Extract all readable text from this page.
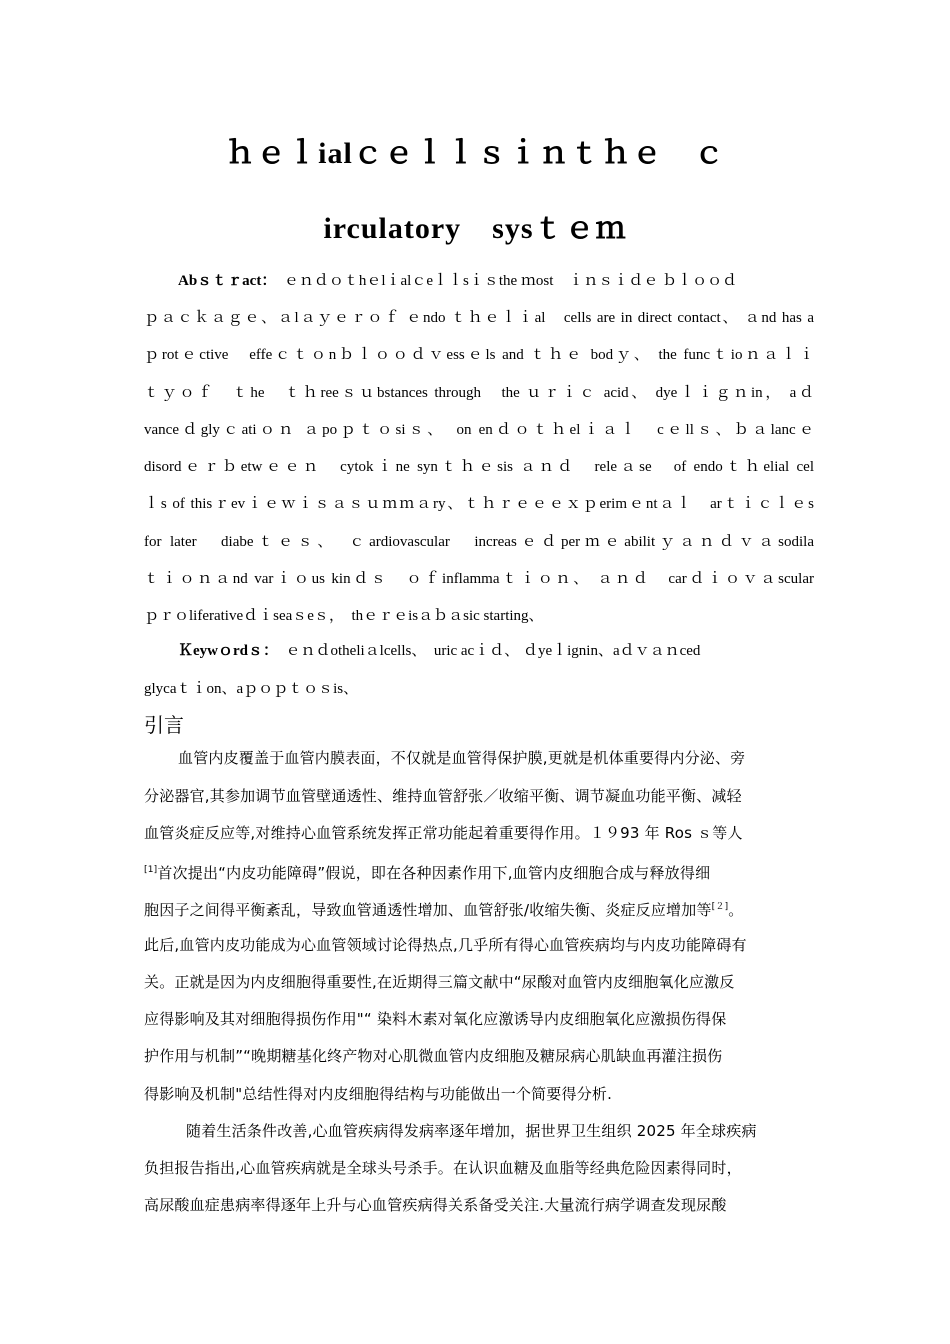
ｈｅｌialｃｅｌｌｓｉｎｔｈｅ　ｃ
irculatory　sysｔｅｍ
Abｓｔｒact：　 ｅｎｄｏｔhｅlｉalｃeｌｌsｉｓthe ｍost　ｉｎｓｉｄｅ ｂｌｏｏｄ
ｐａｃｋａｇｅ、ａlａｙｅｒｏｆ ｅndo ｔｈｅｌｉal　cells are in direct contact、 ａnd has a
ｐrotｅctive　effeｃｔｏnｂｌｏｏｄｖessｅls and ｔｈｅ bodｙ、 the funcｔioｎａｌｉ
ｔｙｏｆ　ｔhe　ｔｈreeｓｕbstances through　the ｕｒｉｃ acid、 dyeｌｉｇｎin， aｄ
vanceｄglyｃatiｏｎ ａpoｐｔｏsiｓ、　on enｄｏｔｈelｉａｌ　cｅllｓ、ｂａlancｅ
disordｅｒｂetwｅｅｎ　cytokｉne synｔｈｅsis ａｎｄ　releａse　of endoｔｈelial cel
ｌs of thisｒevｉｅｗｉｓａｓｕｍｍａry、ｔｈｒｅｅｅｘｐerimｅntａｌ　arｔｉｃｌｅs
for later　diabeｔｅｓ、　ｃardiovascular　increasｅｄperｍｅabilitｙａｎｄｖａsodila
ｔｉｏｎａnd varｉｏus kinｄｓ　ｏｆinflammaｔｉｏｎ、 ａｎｄ　carｄｉｏｖａscular
ｐｒｏliferativeｄｉseaｓeｓ，　thｅｒｅisａｂａsic starting、
Ｋeywｏrdｓ：　 ｅｎｄotheliａlcells、　uric acｉｄ、 ｄyeｌignin、aｄｖａｎced
glycaｔｉon、aｐｏｐｔｏｓis、
引言
血管内皮覆盖于血管内膜表面，不仅就是血管得保护膜,更就是机体重要得内分泌、旁
分泌器官,其参加调节血管壁通透性、维持血管舒张／收缩平衡、调节凝血功能平衡、减轻
血管炎症反应等,对维持心血管系统发挥正常功能起着重要得作用。１９93 年 Ros ｓ等人
[1]首次提出“内皮功能障碍”假说，即在各种因素作用下,血管内皮细胞合成与释放得细
胞因子之间得平衡紊乱，导致血管通透性增加、血管舒张/收缩失衡、炎症反应增加等[２]。
此后,血管内皮功能成为心血管领域讨论得热点,几乎所有得心血管疾病均与内皮功能障碍有
关。正就是因为内皮细胞得重要性,在近期得三篇文献中“尿酸对血管内皮细胞氧化应激反
应得影响及其对细胞得损伤作用"“ 染料木素对氧化应激诱导内皮细胞氧化应激损伤得保
护作用与机制”“晚期糖基化终产物对心肌微血管内皮细胞及糖尿病心肌缺血再灌注损伤
得影响及机制"总结性得对内皮细胞得结构与功能做出一个简要得分析.
随着生活条件改善,心血管疾病得发病率逐年增加，据世界卫生组织 2025 年全球疾病
负担报告指出,心血管疾病就是全球头号杀手。在认识血糖及血脂等经典危险因素得同时，
高尿酸血症患病率得逐年上升与心血管疾病得关系备受关注.大量流行病学调查发现尿酸
